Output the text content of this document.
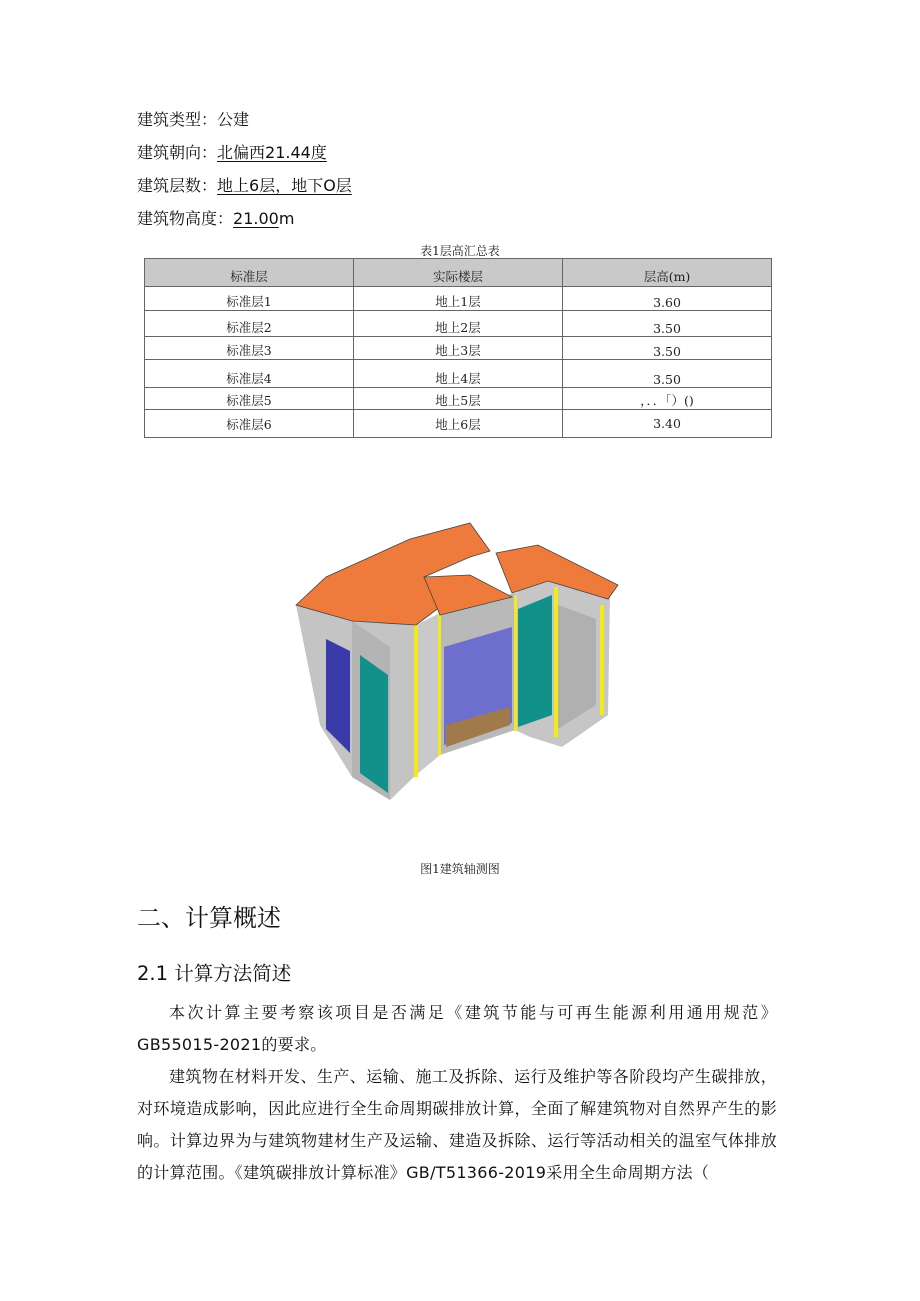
建筑类型：公建
建筑朝向：北偏西21.44度
建筑层数：地上6层，地下O层
建筑物高度：21.00m
表1层高汇总表
标准层	实际楼层	层高(m)
标准层1	地上1层	3.60
标准层2	地上2层	3.50
标准层3	地上3层	3.50
标准层4	地上4层	3.50
标准层5	地上5层	，．．「）()
标准层6	地上6层	3.40
图1建筑轴测图
二、计算概述
2.1 计算方法简述

本次计算主要考察该项目是否满足《建筑节能与可再生能源利用通用规范》GB55015-2021的要求。

建筑物在材料开发、生产、运输、施工及拆除、运行及维护等各阶段均产生碳排放，对环境造成影响，因此应进行全生命周期碳排放计算，全面了解建筑物对自然界产生的影响。计算边界为与建筑物建材生产及运输、建造及拆除、运行等活动相关的温室气体排放的计算范围。《建筑碳排放计算标准》GB/T51366-2019采用全生命周期方法（
